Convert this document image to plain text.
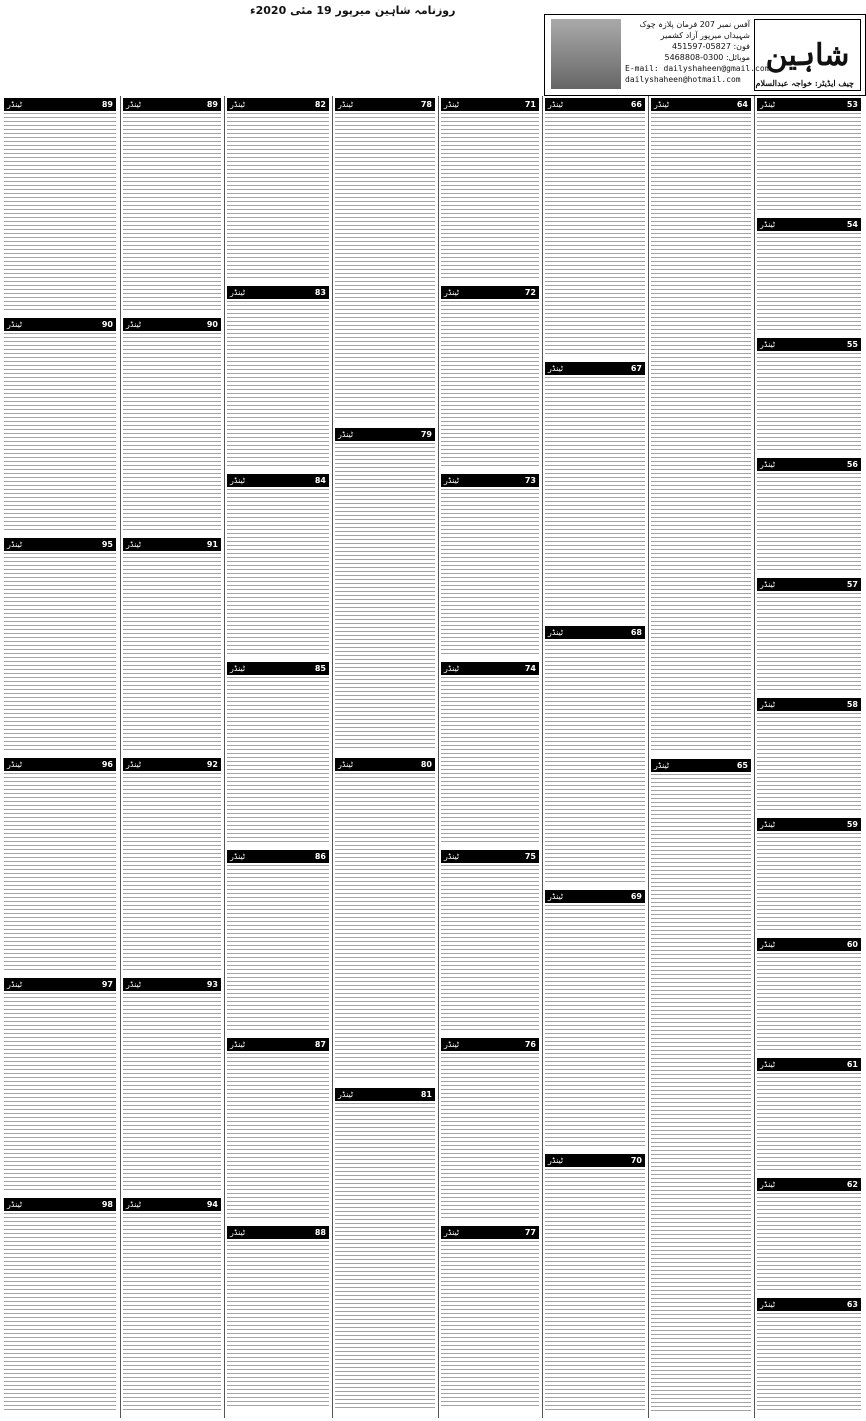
روزنامہ شاہین میرپور 19 مئی 2020ء
شاہین
چیف ایڈیٹر: خواجہ عبدالسلام
آفس نمبر 207 فرمان پلازہ چوک شہیداں میرپور آزاد کشمیر
فون: 05827-451597
موبائل: 0300-5468808
E-mail: dailyshaheen@gmail.com
dailyshaheen@hotmail.com
89
ٹینڈر
90
ٹینڈر
95
ٹینڈر
96
ٹینڈر
97
ٹینڈر
98
ٹینڈر
89
ٹینڈر
90
ٹینڈر
91
ٹینڈر
92
ٹینڈر
93
ٹینڈر
94
ٹینڈر
82
ٹینڈر
83
ٹینڈر
84
ٹینڈر
85
ٹینڈر
86
ٹینڈر
87
ٹینڈر
88
ٹینڈر
78
ٹینڈر
79
ٹینڈر
80
ٹینڈر
81
ٹینڈر
71
ٹینڈر
72
ٹینڈر
73
ٹینڈر
74
ٹینڈر
75
ٹینڈر
76
ٹینڈر
77
ٹینڈر
66
ٹینڈر
67
ٹینڈر
68
ٹینڈر
69
ٹینڈر
70
ٹینڈر
64
ٹینڈر
65
ٹینڈر
53
ٹینڈر
54
ٹینڈر
55
ٹینڈر
56
ٹینڈر
57
ٹینڈر
58
ٹینڈر
59
ٹینڈر
60
ٹینڈر
61
ٹینڈر
62
ٹینڈر
63
ٹینڈر
